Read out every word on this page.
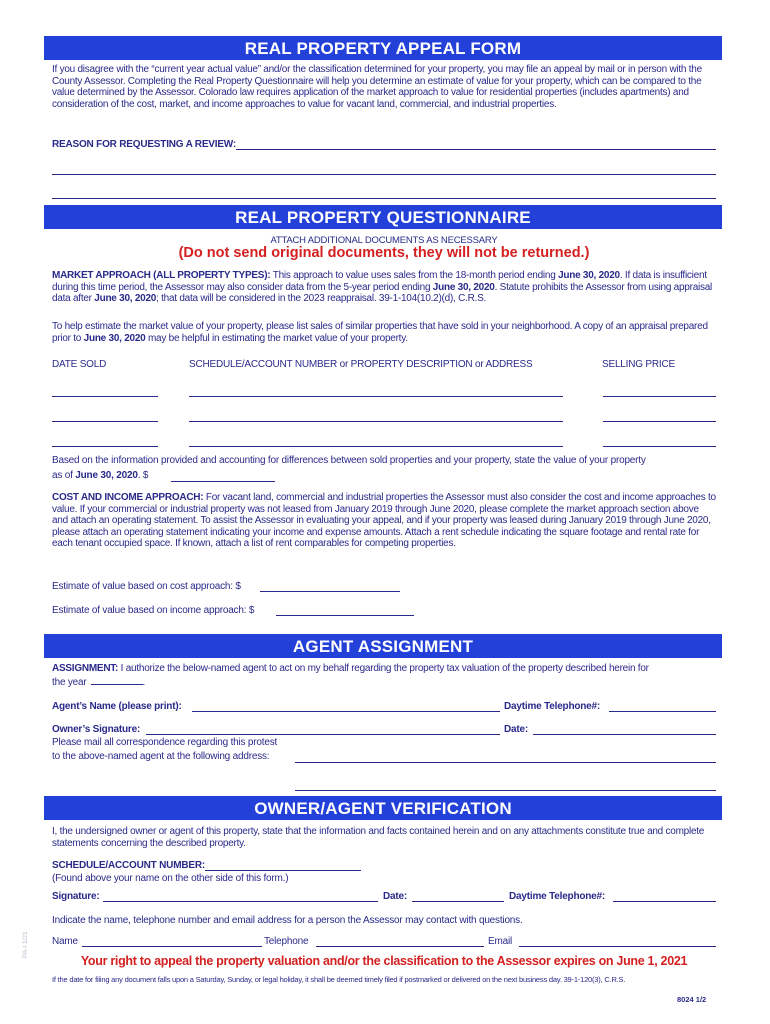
REAL PROPERTY APPEAL FORM
If you disagree with the “current year actual value” and/or the classification determined for your property, you may file an appeal by mail or in person with the County Assessor. Completing the Real Property Questionnaire will help you determine an estimate of value for your property, which can be compared to the value determined by the Assessor. Colorado law requires application of the market approach to value for residential properties (includes apartments) and consideration of the cost, market, and income approaches to value for vacant land, commercial, and industrial properties.
REASON FOR REQUESTING A REVIEW:
REAL PROPERTY QUESTIONNAIRE
ATTACH ADDITIONAL DOCUMENTS AS NECESSARY
(Do not send original documents, they will not be returned.)
MARKET APPROACH (ALL PROPERTY TYPES): This approach to value uses sales from the 18-month period ending June 30, 2020. If data is insufficient during this time period, the Assessor may also consider data from the 5-year period ending June 30, 2020. Statute prohibits the Assessor from using appraisal data after June 30, 2020; that data will be considered in the 2023 reappraisal. 39-1-104(10.2)(d), C.R.S.
To help estimate the market value of your property, please list sales of similar properties that have sold in your neighborhood. A copy of an appraisal prepared prior to June 30, 2020 may be helpful in estimating the market value of your property.
DATE SOLD	SCHEDULE/ACCOUNT NUMBER or PROPERTY DESCRIPTION or ADDRESS	SELLING PRICE
Based on the information provided and accounting for differences between sold properties and your property, state the value of your property
as of June 30, 2020. $
COST AND INCOME APPROACH: For vacant land, commercial and industrial properties the Assessor must also consider the cost and income approaches to value. If your commercial or industrial property was not leased from January 2019 through June 2020, please complete the market approach section above and attach an operating statement. To assist the Assessor in evaluating your appeal, and if your property was leased during January 2019 through June 2020, please attach an operating statement indicating your income and expense amounts. Attach a rent schedule indicating the square footage and rental rate for each tenant occupied space. If known, attach a list of rent comparables for competing properties.
Estimate of value based on cost approach: $
Estimate of value based on income approach: $
AGENT ASSIGNMENT
ASSIGNMENT: I authorize the below-named agent to act on my behalf regarding the property tax valuation of the property described herein for
the year	.
Agent’s Name (please print):	Daytime Telephone#:
Owner’s Signature:	Date:
Please mail all correspondence regarding this protest
to the above-named agent at the following address:
OWNER/AGENT VERIFICATION
I, the undersigned owner or agent of this property, state that the information and facts contained herein and on any attachments constitute true and complete statements concerning the described property.
SCHEDULE/ACCOUNT NUMBER:
(Found above your name on the other side of this form.)
Signature:	Date:	Daytime Telephone#:
Indicate the name, telephone number and email address for a person the Assessor may contact with questions.
Name	Telephone	Email
Your right to appeal the property valuation and/or the classification to the Assessor expires on June 1, 2021
If the date for filing any document falls upon a Saturday, Sunday, or legal holiday, it shall be deemed timely filed if postmarked or delivered on the next business day. 39-1-120(3), C.R.S.
8024 1/2
PA-I 1/21
